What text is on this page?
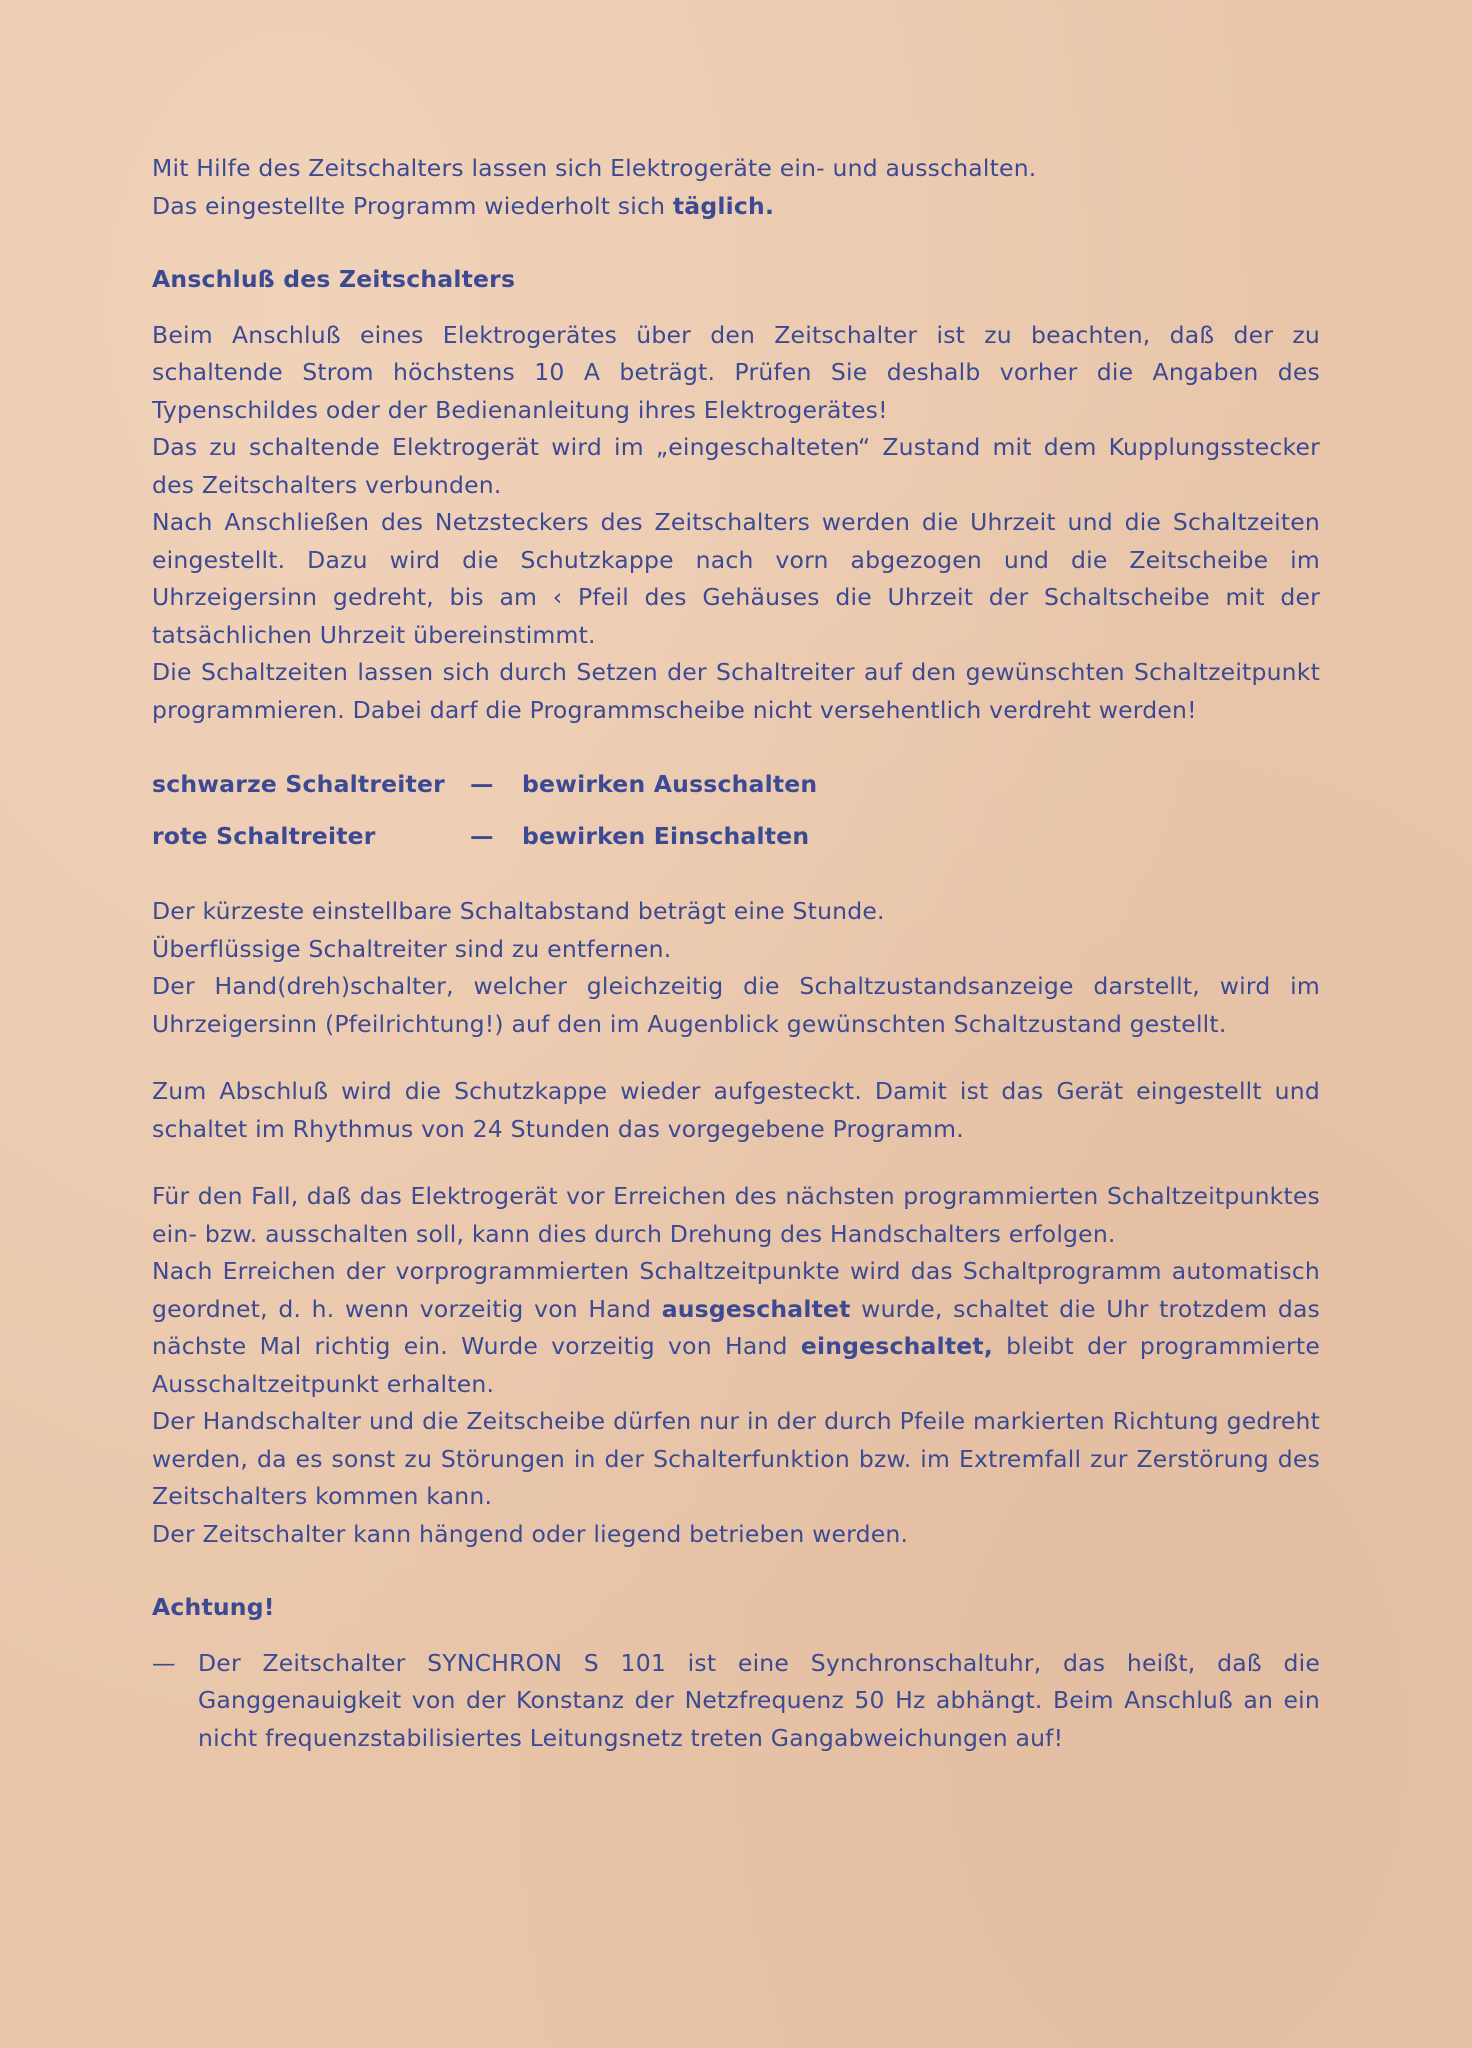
Mit Hilfe des Zeitschalters lassen sich Elektrogeräte ein- und ausschalten.

Das eingestellte Programm wiederholt sich täglich.

Anschluß des Zeitschalters

Beim Anschluß eines Elektrogerätes über den Zeitschalter ist zu beachten, daß der zu schaltende Strom höchstens 10 A beträgt. Prüfen Sie deshalb vorher die Angaben des Typenschildes oder der Bedienanleitung ihres Elektrogerätes!

Das zu schaltende Elektrogerät wird im „eingeschalteten“ Zustand mit dem Kupplungsstecker des Zeitschalters verbunden.

Nach Anschließen des Netzsteckers des Zeitschalters werden die Uhrzeit und die Schaltzeiten eingestellt. Dazu wird die Schutzkappe nach vorn abgezogen und die Zeitscheibe im Uhrzeigersinn gedreht, bis am ‹ Pfeil des Gehäuses die Uhrzeit der Schaltscheibe mit der tatsächlichen Uhrzeit übereinstimmt.

Die Schaltzeiten lassen sich durch Setzen der Schaltreiter auf den gewünschten Schaltzeitpunkt programmieren. Dabei darf die Programmscheibe nicht versehentlich verdreht werden!

schwarze Schaltreiter	—	bewirken Ausschalten
rote Schaltreiter	—	bewirken Einschalten

Der kürzeste einstellbare Schaltabstand beträgt eine Stunde.

Überflüssige Schaltreiter sind zu entfernen.

Der Hand(dreh)schalter, welcher gleichzeitig die Schaltzustandsanzeige darstellt, wird im Uhrzeigersinn (Pfeilrichtung!) auf den im Augenblick gewünschten Schaltzustand gestellt.

Zum Abschluß wird die Schutzkappe wieder aufgesteckt. Damit ist das Gerät eingestellt und schaltet im Rhythmus von 24 Stunden das vorgegebene Programm.

Für den Fall, daß das Elektrogerät vor Erreichen des nächsten programmierten Schaltzeitpunktes ein- bzw. ausschalten soll, kann dies durch Drehung des Handschalters erfolgen.

Nach Erreichen der vorprogrammierten Schaltzeitpunkte wird das Schaltprogramm automatisch geordnet, d. h. wenn vorzeitig von Hand ausgeschaltet wurde, schaltet die Uhr trotzdem das nächste Mal richtig ein. Wurde vorzeitig von Hand eingeschaltet, bleibt der programmierte Ausschaltzeitpunkt erhalten.

Der Handschalter und die Zeitscheibe dürfen nur in der durch Pfeile markierten Richtung gedreht werden, da es sonst zu Störungen in der Schalterfunktion bzw. im Extremfall zur Zerstörung des Zeitschalters kommen kann.

Der Zeitschalter kann hängend oder liegend betrieben werden.

Achtung!

— Der Zeitschalter SYNCHRON S 101 ist eine Synchronschaltuhr, das heißt, daß die Ganggenauigkeit von der Konstanz der Netzfrequenz 50 Hz abhängt. Beim Anschluß an ein nicht frequenzstabilisiertes Leitungsnetz treten Gangabweichungen auf!
